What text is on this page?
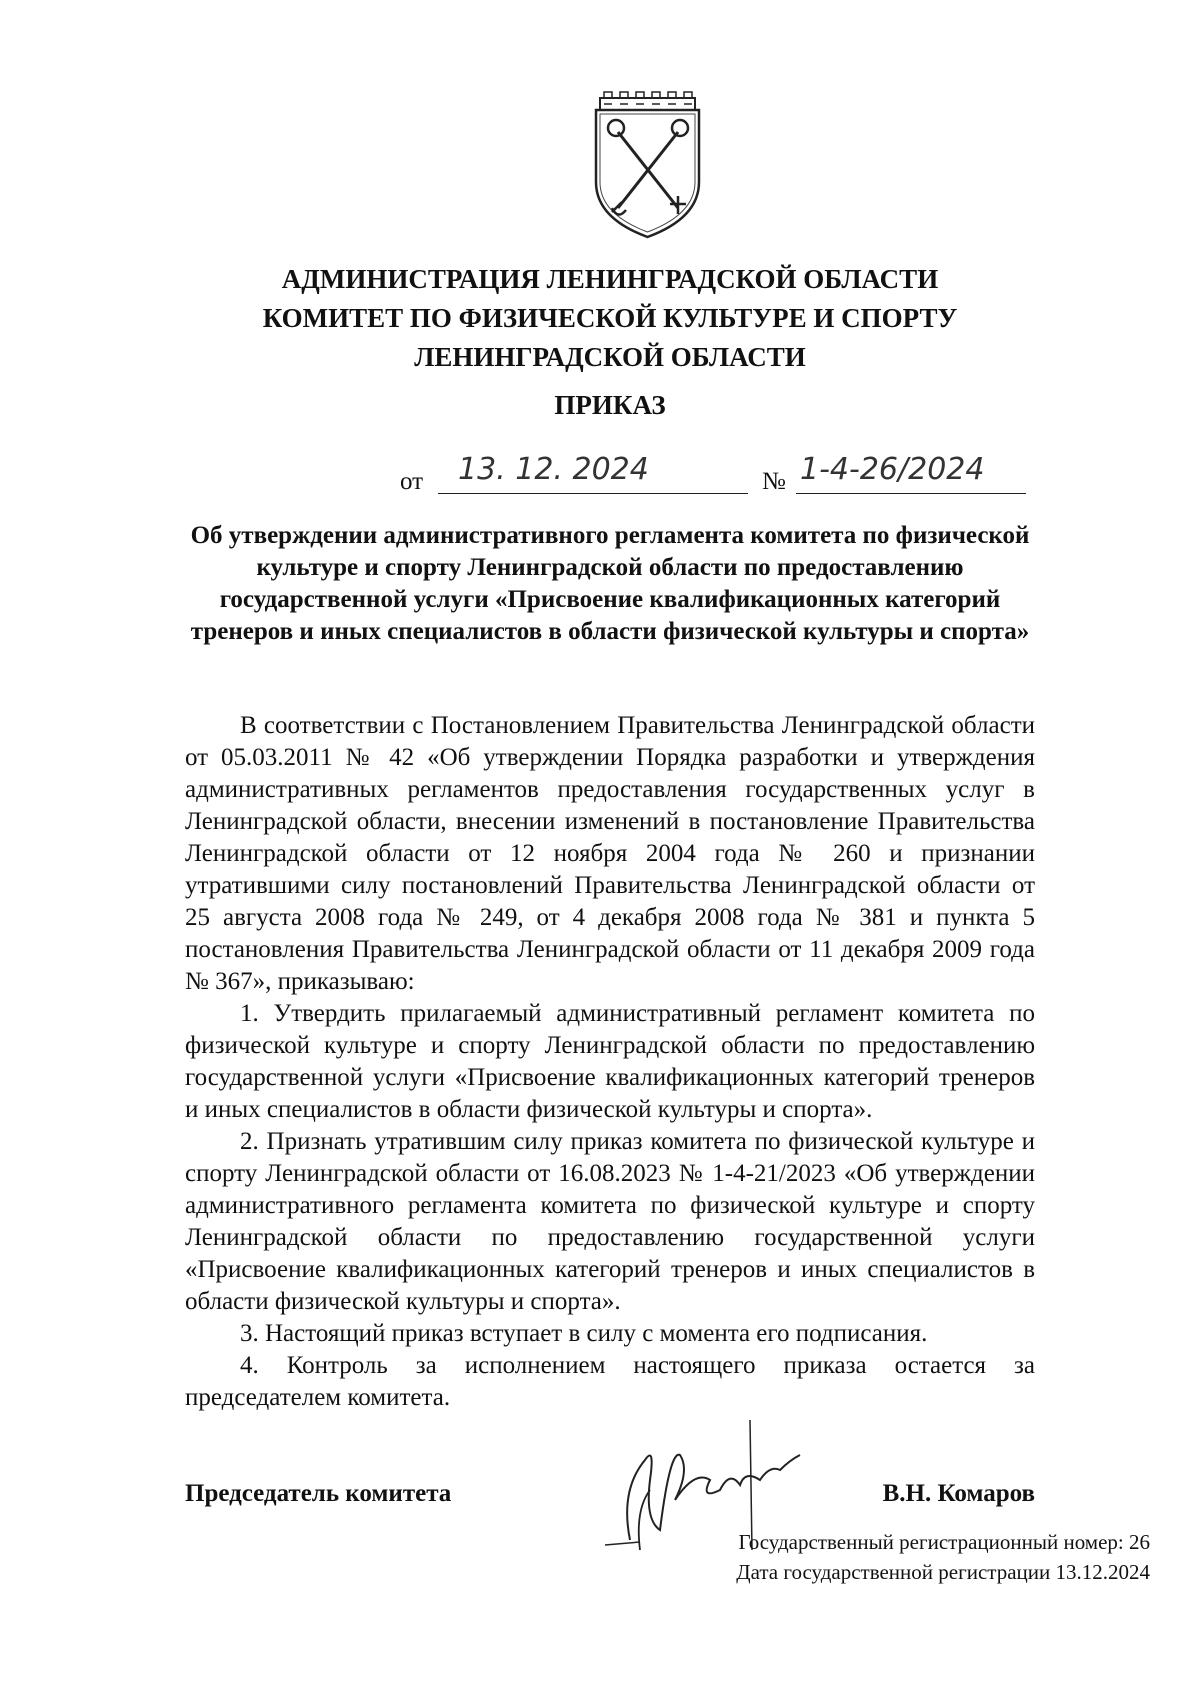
АДМИНИСТРАЦИЯ ЛЕНИНГРАДСКОЙ ОБЛАСТИ
КОМИТЕТ ПО ФИЗИЧЕСКОЙ КУЛЬТУРЕ И СПОРТУ
ЛЕНИНГРАДСКОЙ ОБЛАСТИ
ПРИКАЗ
от	13. 12. 2024	№ 1-4-26/2024
Об утверждении административного регламента комитета по физической культуре и спорту Ленинградской области по предоставлению государственной услуги «Присвоение квалификационных категорий тренеров и иных специалистов в области физической культуры и спорта»

В соответствии с Постановлением Правительства Ленинградской области от 05.03.2011 № 42 «Об утверждении Порядка разработки и утверждения административных регламентов предоставления государственных услуг в Ленинградской области, внесении изменений в постановление Правительства Ленинградской области от 12 ноября 2004 года № 260 и признании утратившими силу постановлений Правительства Ленинградской области от 25 августа 2008 года № 249, от 4 декабря 2008 года № 381 и пункта 5 постановления Правительства Ленинградской области от 11 декабря 2009 года № 367», приказываю:

1. Утвердить прилагаемый административный регламент комитета по физической культуре и спорту Ленинградской области по предоставлению государственной услуги «Присвоение квалификационных категорий тренеров и иных специалистов в области физической культуры и спорта».

2. Признать утратившим силу приказ комитета по физической культуре и спорту Ленинградской области от 16.08.2023 № 1-4-21/2023 «Об утверждении административного регламента комитета по физической культуре и спорту Ленинградской области по предоставлению государственной услуги «Присвоение квалификационных категорий тренеров и иных специалистов в области физической культуры и спорта».

3. Настоящий приказ вступает в силу с момента его подписания.

4. Контроль за исполнением настоящего приказа остается за председателем комитета.

Председатель комитета	В.Н. Комаров
Государственный регистрационный номер: 26
Дата государственной регистрации 13.12.2024
